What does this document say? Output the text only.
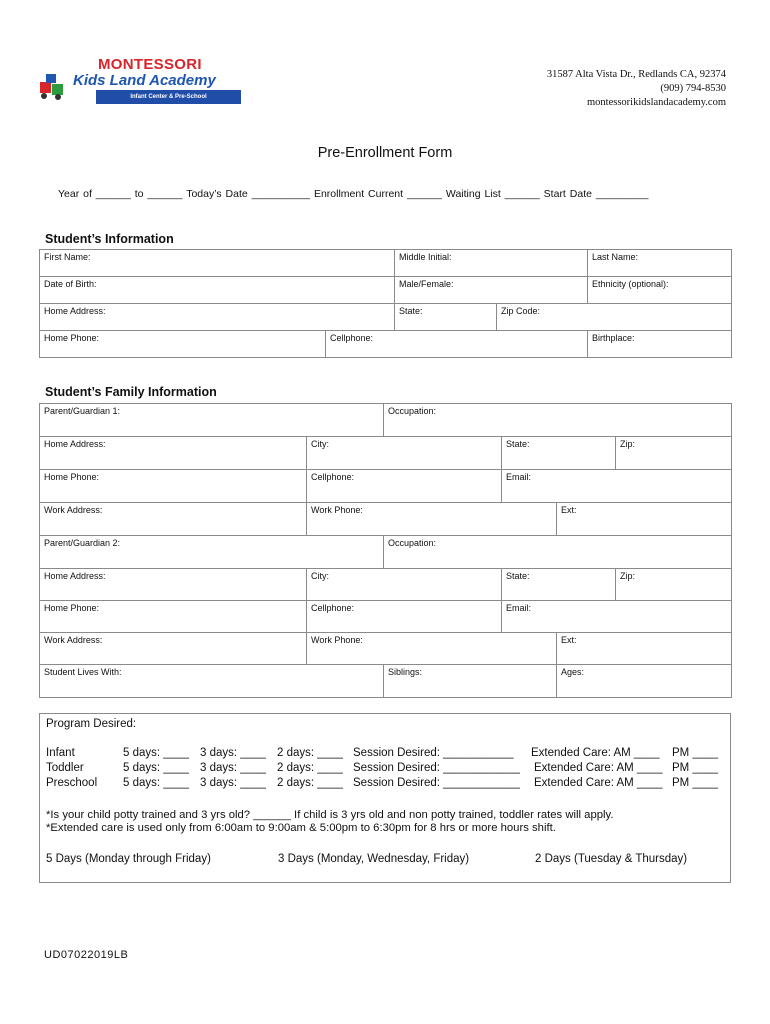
MONTESSORI
Kids Land Academy
Infant Center & Pre-School
31587 Alta Vista Dr., Redlands CA, 92374
(909) 794-8530
montessorikidslandacademy.com
Pre-Enrollment Form
Year of ______ to ______ Today’s Date __________ Enrollment Current ______ Waiting List ______ Start Date _________
Student’s Information
First Name:		Middle Initial:		Last Name:
Date of Birth:		Male/Female:		Ethnicity (optional):
Home Address:		State:	Zip Code:	
Home Phone:	Cellphone:			Birthplace:
Student’s Family Information
Parent/Guardian 1:		Occupation:			
Home Address:	City:		State:		Zip:
Home Phone:	Cellphone:		Email:		
Work Address:	Work Phone:			Ext:	
Parent/Guardian 2:		Occupation:			
Home Address:	City:		State:		Zip:
Home Phone:	Cellphone:		Email:		
Work Address:	Work Phone:			Ext:	
Student Lives With:		Siblings:		Ages:	
Program Desired:
Infant	5 days: ____ 3 days: ____ 2 days: ____ Session Desired: ___________ Extended Care: AM ____ PM ____
Toddler	5 days: ____ 3 days: ____ 2 days: ____ Session Desired: ____________ Extended Care: AM ____ PM ____
Preschool 5 days: ____ 3 days: ____ 2 days: ____ Session Desired: ____________ Extended Care: AM ____ PM ____
*Is your child potty trained and 3 yrs old? ______ If child is 3 yrs old and non potty trained, toddler rates will apply.
*Extended care is used only from 6:00am to 9:00am & 5:00pm to 6:30pm for 8 hrs or more hours shift.
5 Days (Monday through Friday)	3 Days (Monday, Wednesday, Friday)	2 Days (Tuesday & Thursday)
UD07022019LB
